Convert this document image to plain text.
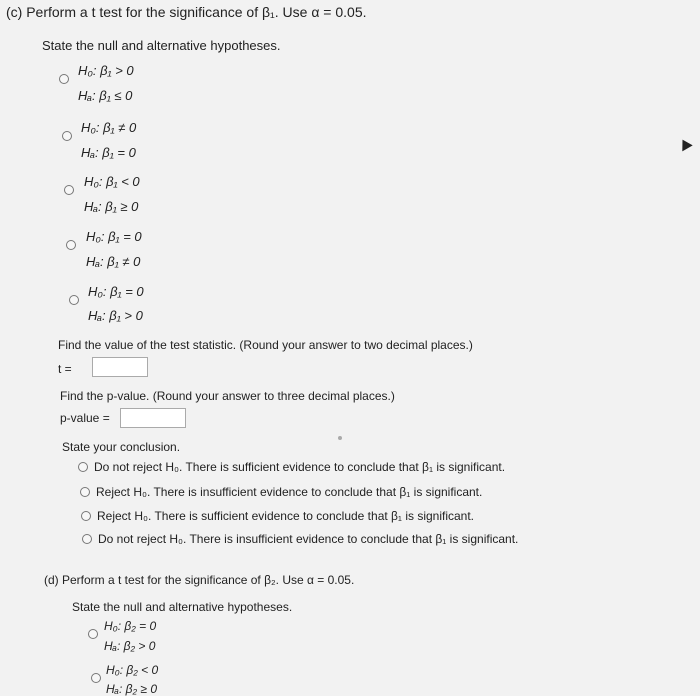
(c) Perform a t test for the significance of β₁. Use α = 0.05.
State the null and alternative hypotheses.
H₀: β₁ > 0
Hₐ: β₁ ≤ 0
H₀: β₁ ≠ 0
Hₐ: β₁ = 0
H₀: β₁ < 0
Hₐ: β₁ ≥ 0
H₀: β₁ = 0
Hₐ: β₁ ≠ 0
H₀: β₁ = 0
Hₐ: β₁ > 0
Find the value of the test statistic. (Round your answer to two decimal places.)
t =
Find the p-value. (Round your answer to three decimal places.)
p-value =
State your conclusion.
Do not reject H₀. There is sufficient evidence to conclude that β₁ is significant.
Reject H₀. There is insufficient evidence to conclude that β₁ is significant.
Reject H₀. There is sufficient evidence to conclude that β₁ is significant.
Do not reject H₀. There is insufficient evidence to conclude that β₁ is significant.
(d) Perform a t test for the significance of β₂. Use α = 0.05.
State the null and alternative hypotheses.
H₀: β₂ = 0
Hₐ: β₂ > 0
H₀: β₂ < 0
Hₐ: β₂ ≥ 0
